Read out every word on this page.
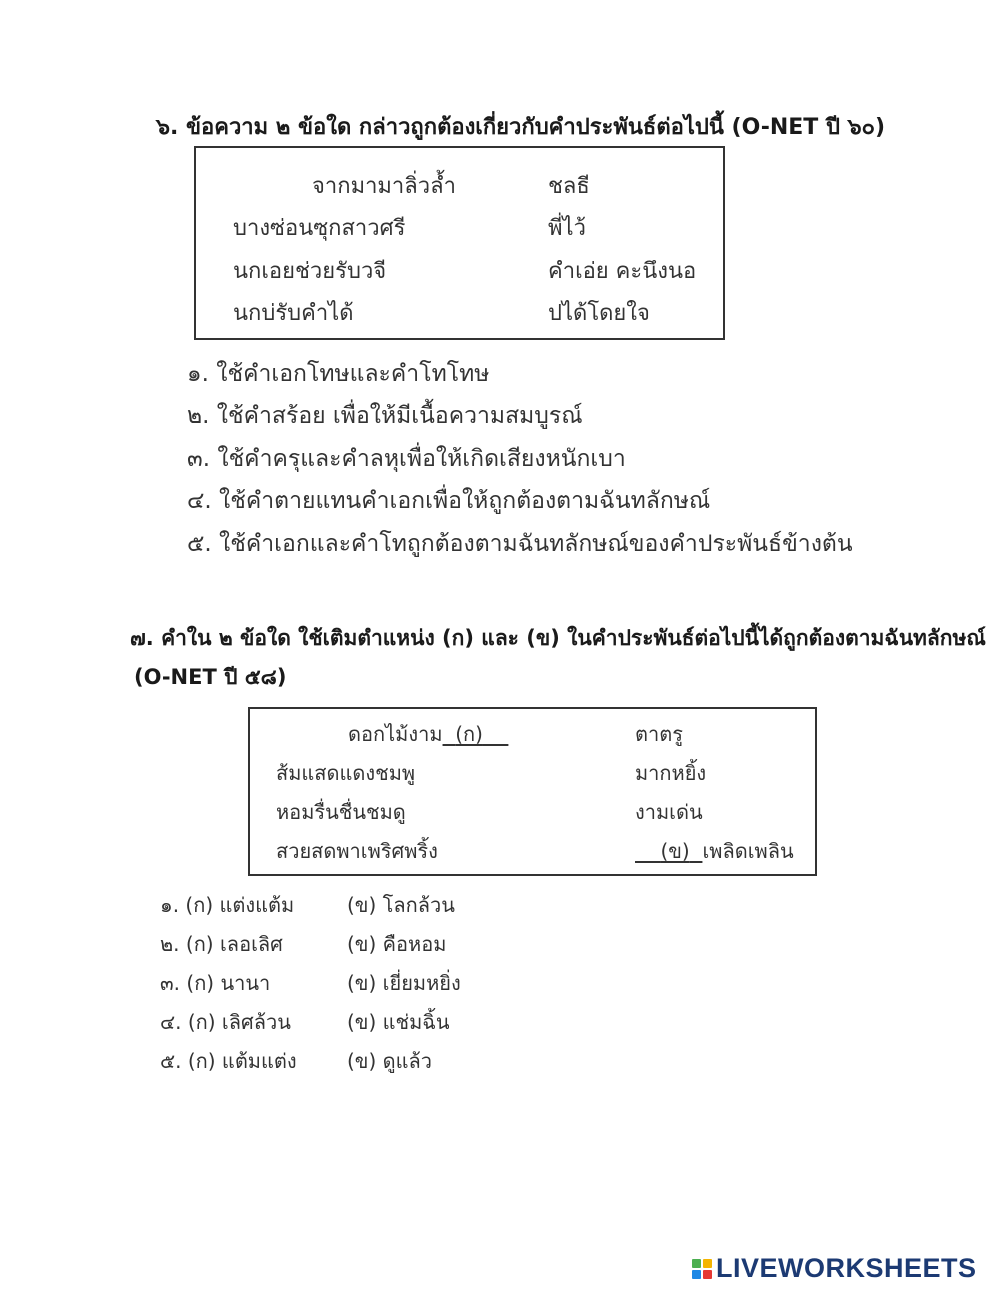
๖. ข้อความ ๒ ข้อใด กล่าวถูกต้องเกี่ยวกับคำประพันธ์ต่อไปนี้ (O-NET ปี ๖๐)
จากมามาลิ่วล้ำ	ชลธี
บางซ่อนซุกสาวศรี	พี่ไว้
นกเอยช่วยรับวจี	คำเอ่ย คะนึงนอ
นกบ่รับคำได้	ปได้โดยใจ
๑. ใช้คำเอกโทษและคำโทโทษ
๒. ใช้คำสร้อย เพื่อให้มีเนื้อความสมบูรณ์
๓. ใช้คำครุและคำลหุเพื่อให้เกิดเสียงหนักเบา
๔. ใช้คำตายแทนคำเอกเพื่อให้ถูกต้องตามฉันทลักษณ์
๕. ใช้คำเอกและคำโทถูกต้องตามฉันทลักษณ์ของคำประพันธ์ข้างต้น
๗. คำใน ๒ ข้อใด ใช้เติมตำแหน่ง (ก) และ (ข) ในคำประพันธ์ต่อไปนี้ได้ถูกต้องตามฉันทลักษณ์
(O-NET ปี ๕๘)
ดอกไม้งาม (ก)	ตาตรู
ส้มแสดแดงชมพู	มากหยิ้ง
หอมรื่นชื่นชมดู	งามเด่น
สวยสดพาเพริศพริ้ง	(ข) เพลิดเพลิน
๑. (ก) แต่งแต้ม	(ข) โลกล้วน
๒. (ก) เลอเลิศ	(ข) คือหอม
๓. (ก) นานา	(ข) เยี่ยมหยิ่ง
๔. (ก) เลิศล้วน	(ข) แช่มฉิ้น
๕. (ก) แต้มแต่ง	(ข) ดูแล้ว
LIVEWORKSHEETS
